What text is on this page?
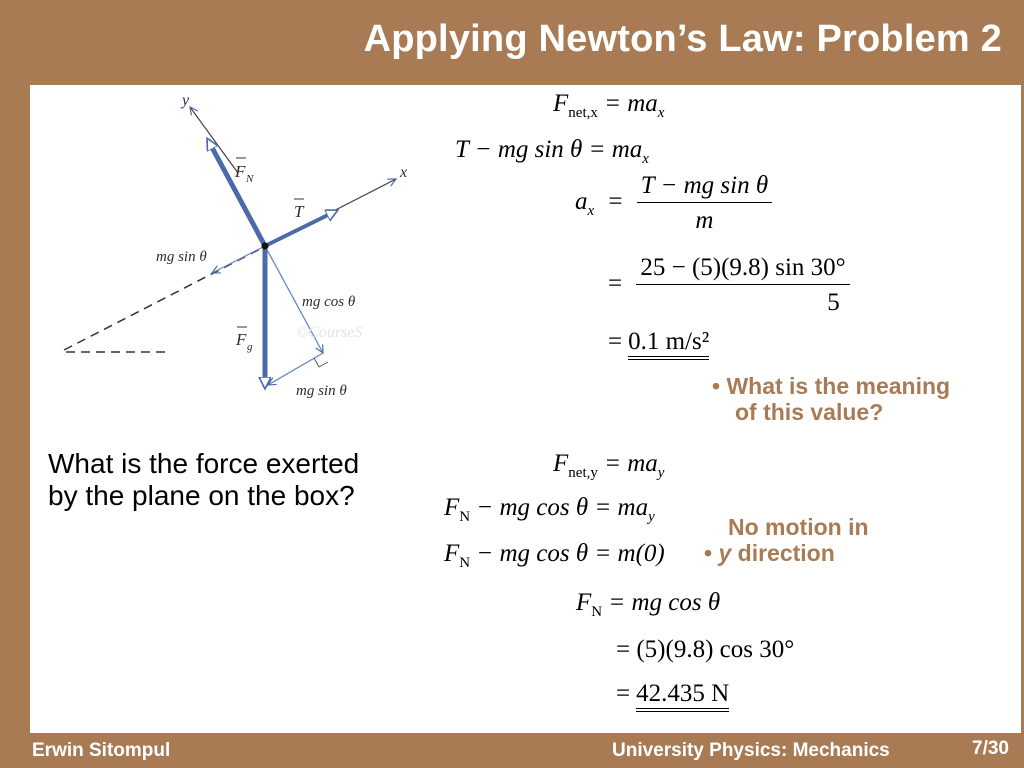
Applying Newton’s Law: Problem 2
y
x
F N
T
mg sin θ
mg cos θ
©CourseS
F g
mg sin θ
$F_{net,x} = ma_x$
T − mg $\sin \theta = ma_x$
$a_x = \frac{\text{T − mg sin θ}}{m}$
= $\frac{25 - (5)(9.8) \sin 30^\circ}{5}$
= 0.1 m/s²
• What is the meaning
of this value?
What is the force exerted by the plane on the box?
$F_{net,y} = ma_y$
$F_N$ − mg $\cos \theta = ma_y$
$F_N$ − mg cos θ = m(0)
No motion in
• y direction
$F_N$ = mg cos θ
= (5)(9.8) cos 30°
= 42.435 N
Erwin Sitompul	University Physics: Mechanics	7/30
